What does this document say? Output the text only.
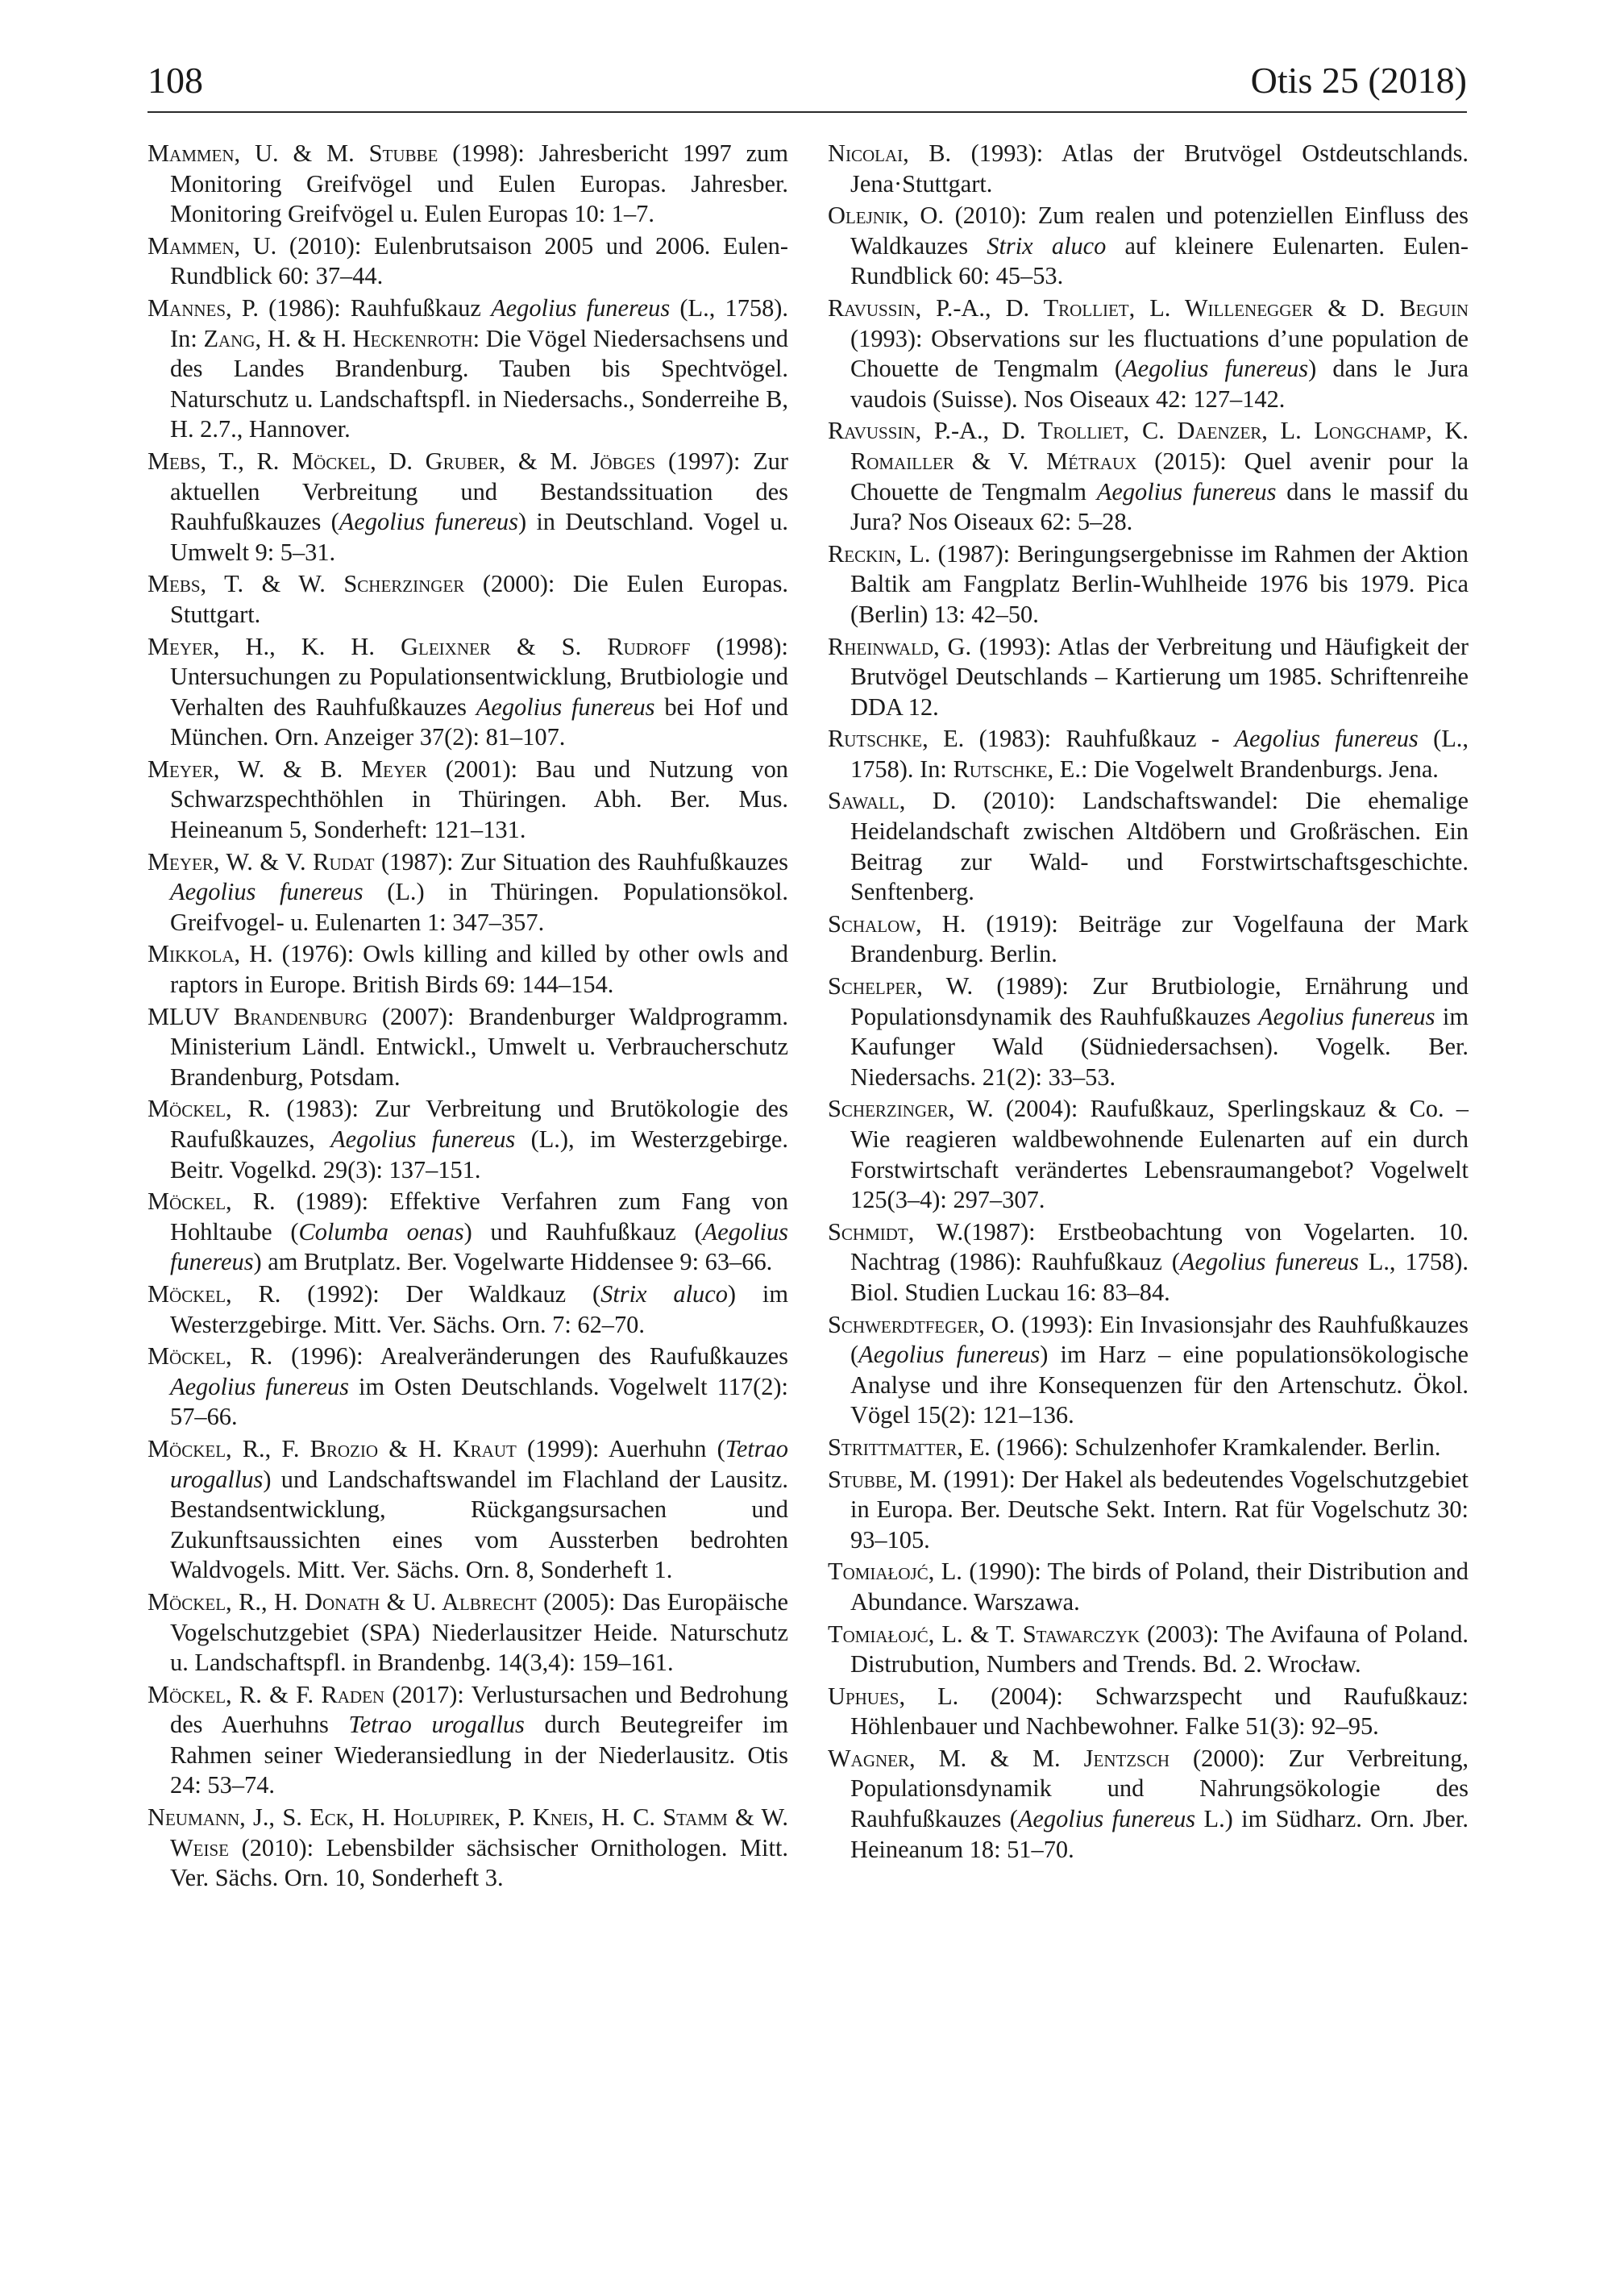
108	Otis 25 (2018)

Mammen, U. & M. Stubbe (1998): Jahresbericht 1997 zum Monitoring Greifvögel und Eulen Europas. Jahresber. Monitoring Greifvögel u. Eulen Europas 10: 1–7.

Mammen, U. (2010): Eulenbrutsaison 2005 und 2006. Eulen-Rundblick 60: 37–44.

Mannes, P. (1986): Rauhfußkauz Aegolius funereus (L., 1758). In: Zang, H. & H. Heckenroth: Die Vögel Niedersachsens und des Landes Brandenburg. Tauben bis Spechtvögel. Naturschutz u. Landschaftspfl. in Niedersachs., Sonderreihe B, H. 2.7., Hannover.

Mebs, T., R. Möckel, D. Gruber, & M. Jöbges (1997): Zur aktuellen Verbreitung und Bestandssituation des Rauhfußkauzes (Aegolius funereus) in Deutschland. Vogel u. Umwelt 9: 5–31.

Mebs, T. & W. Scherzinger (2000): Die Eulen Europas. Stuttgart.

Meyer, H., K. H. Gleixner & S. Rudroff (1998): Untersuchungen zu Populationsentwicklung, Brutbiologie und Verhalten des Rauhfußkauzes Aegolius funereus bei Hof und München. Orn. Anzeiger 37(2): 81–107.

Meyer, W. & B. Meyer (2001): Bau und Nutzung von Schwarzspechthöhlen in Thüringen. Abh. Ber. Mus. Heineanum 5, Sonderheft: 121–131.

Meyer, W. & V. Rudat (1987): Zur Situation des Rauhfußkauzes Aegolius funereus (L.) in Thüringen. Populationsökol. Greifvogel- u. Eulenarten 1: 347–357.

Mikkola, H. (1976): Owls killing and killed by other owls and raptors in Europe. British Birds 69: 144–154.

MLUV Brandenburg (2007): Brandenburger Waldprogramm. Ministerium Ländl. Entwickl., Umwelt u. Verbraucherschutz Brandenburg, Potsdam.

Möckel, R. (1983): Zur Verbreitung und Brutökologie des Raufußkauzes, Aegolius funereus (L.), im Westerzgebirge. Beitr. Vogelkd. 29(3): 137–151.

Möckel, R. (1989): Effektive Verfahren zum Fang von Hohltaube (Columba oenas) und Rauhfußkauz (Aegolius funereus) am Brutplatz. Ber. Vogelwarte Hiddensee 9: 63–66.

Möckel, R. (1992): Der Waldkauz (Strix aluco) im Westerzgebirge. Mitt. Ver. Sächs. Orn. 7: 62–70.

Möckel, R. (1996): Arealveränderungen des Raufußkauzes Aegolius funereus im Osten Deutschlands. Vogelwelt 117(2): 57–66.

Möckel, R., F. Brozio & H. Kraut (1999): Auerhuhn (Tetrao urogallus) und Landschaftswandel im Flachland der Lausitz. Bestandsentwicklung, Rückgangsursachen und Zukunftsaussichten eines vom Aussterben bedrohten Waldvogels. Mitt. Ver. Sächs. Orn. 8, Sonderheft 1.

Möckel, R., H. Donath & U. Albrecht (2005): Das Europäische Vogelschutzgebiet (SPA) Niederlausitzer Heide. Naturschutz u. Landschaftspfl. in Brandenbg. 14(3,4): 159–161.

Möckel, R. & F. Raden (2017): Verlustursachen und Bedrohung des Auerhuhns Tetrao urogallus durch Beutegreifer im Rahmen seiner Wiederansiedlung in der Niederlausitz. Otis 24: 53–74.

Neumann, J., S. Eck, H. Holupirek, P. Kneis, H. C. Stamm & W. Weise (2010): Lebensbilder sächsischer Ornithologen. Mitt. Ver. Sächs. Orn. 10, Sonderheft 3.

Nicolai, B. (1993): Atlas der Brutvögel Ostdeutschlands. Jena·Stuttgart.

Olejnik, O. (2010): Zum realen und potenziellen Einfluss des Waldkauzes Strix aluco auf kleinere Eulenarten. Eulen-Rundblick 60: 45–53.

Ravussin, P.-A., D. Trolliet, L. Willenegger & D. Beguin (1993): Observations sur les fluctuations d’une population de Chouette de Tengmalm (Aegolius funereus) dans le Jura vaudois (Suisse). Nos Oiseaux 42: 127–142.

Ravussin, P.-A., D. Trolliet, C. Daenzer, L. Longchamp, K. Romailler & V. Métraux (2015): Quel avenir pour la Chouette de Tengmalm Aegolius funereus dans le massif du Jura? Nos Oiseaux 62: 5–28.

Reckin, L. (1987): Beringungsergebnisse im Rahmen der Aktion Baltik am Fangplatz Berlin-Wuhlheide 1976 bis 1979. Pica (Berlin) 13: 42–50.

Rheinwald, G. (1993): Atlas der Verbreitung und Häufigkeit der Brutvögel Deutschlands – Kartierung um 1985. Schriftenreihe DDA 12.

Rutschke, E. (1983): Rauhfußkauz - Aegolius funereus (L., 1758). In: Rutschke, E.: Die Vogelwelt Brandenburgs. Jena.

Sawall, D. (2010): Landschaftswandel: Die ehemalige Heidelandschaft zwischen Altdöbern und Großräschen. Ein Beitrag zur Wald- und Forstwirtschaftsgeschichte. Senftenberg.

Schalow, H. (1919): Beiträge zur Vogelfauna der Mark Brandenburg. Berlin.

Schelper, W. (1989): Zur Brutbiologie, Ernährung und Populationsdynamik des Rauhfußkauzes Aegolius funereus im Kaufunger Wald (Südniedersachsen). Vogelk. Ber. Niedersachs. 21(2): 33–53.

Scherzinger, W. (2004): Raufußkauz, Sperlingskauz & Co. – Wie reagieren waldbewohnende Eulenarten auf ein durch Forstwirtschaft verändertes Lebensraumangebot? Vogelwelt 125(3–4): 297–307.

Schmidt, W.(1987): Erstbeobachtung von Vogelarten. 10. Nachtrag (1986): Rauhfußkauz (Aegolius funereus L., 1758). Biol. Studien Luckau 16: 83–84.

Schwerdtfeger, O. (1993): Ein Invasionsjahr des Rauhfußkauzes (Aegolius funereus) im Harz – eine populationsökologische Analyse und ihre Konsequenzen für den Artenschutz. Ökol. Vögel 15(2): 121–136.

Strittmatter, E. (1966): Schulzenhofer Kramkalender. Berlin.

Stubbe, M. (1991): Der Hakel als bedeutendes Vogelschutzgebiet in Europa. Ber. Deutsche Sekt. Intern. Rat für Vogelschutz 30: 93–105.

Tomiałojć, L. (1990): The birds of Poland, their Distribution and Abundance. Warszawa.

Tomiałojć, L. & T. Stawarczyk (2003): The Avifauna of Poland. Distrubution, Numbers and Trends. Bd. 2. Wrocław.

Uphues, L. (2004): Schwarzspecht und Raufußkauz: Höhlenbauer und Nachbewohner. Falke 51(3): 92–95.

Wagner, M. & M. Jentzsch (2000): Zur Verbreitung, Populationsdynamik und Nahrungsökologie des Rauhfußkauzes (Aegolius funereus L.) im Südharz. Orn. Jber. Heineanum 18: 51–70.
